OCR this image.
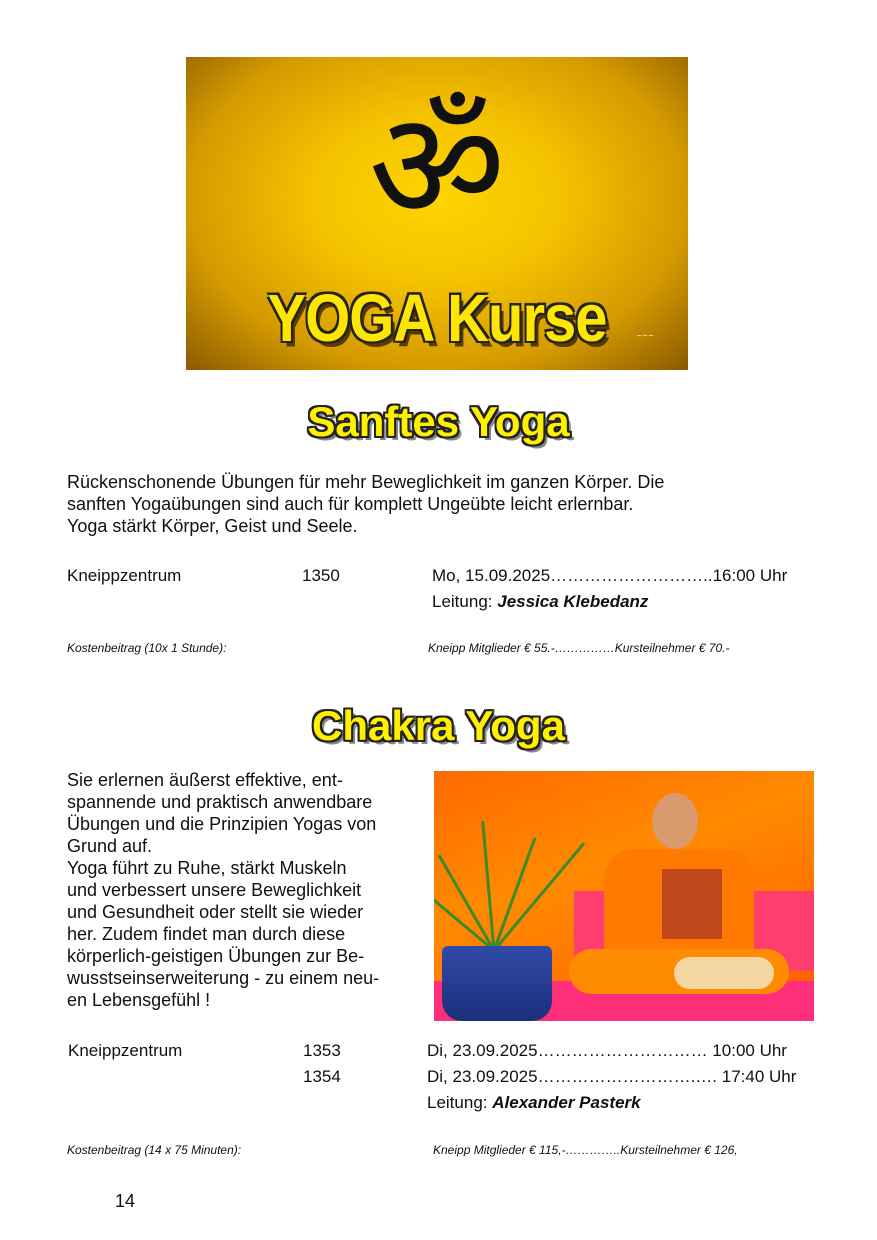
ॐ
YOGA Kurse	~~~
Sanftes Yoga
Rückenschonende Übungen für mehr Beweglichkeit im ganzen Körper. Die
sanften Yogaübungen sind auch für komplett Ungeübte leicht erlernbar.
Yoga stärkt Körper, Geist und Seele.
Kneippzentrum	1350	Mo, 15.09.2025………………………..16:00 Uhr
Leitung: Jessica Klebedanz
Kostenbeitrag (10x 1 Stunde):	Kneipp Mitglieder € 55.-……………Kursteilnehmer € 70.-
Chakra Yoga
Sie erlernen äußerst effektive, ent-
spannende und praktisch anwendbare
Übungen und die Prinzipien Yogas von
Grund auf.
Yoga führt zu Ruhe, stärkt Muskeln
und verbessert unsere Beweglichkeit
und Gesundheit oder stellt sie wieder
her. Zudem findet man durch diese
körperlich-geistigen Übungen zur Be-
wusstseinserweiterung - zu einem neu-
en Lebensgefühl !
Kneippzentrum	1353	Di, 23.09.2025………………………… 10:00 Uhr
1354	Di, 23.09.2025……………………….…. 17:40 Uhr
Leitung: Alexander Pasterk
Kostenbeitrag (14 x 75 Minuten):	Kneipp Mitglieder € 115,-…………..Kursteilnehmer € 126,
14
